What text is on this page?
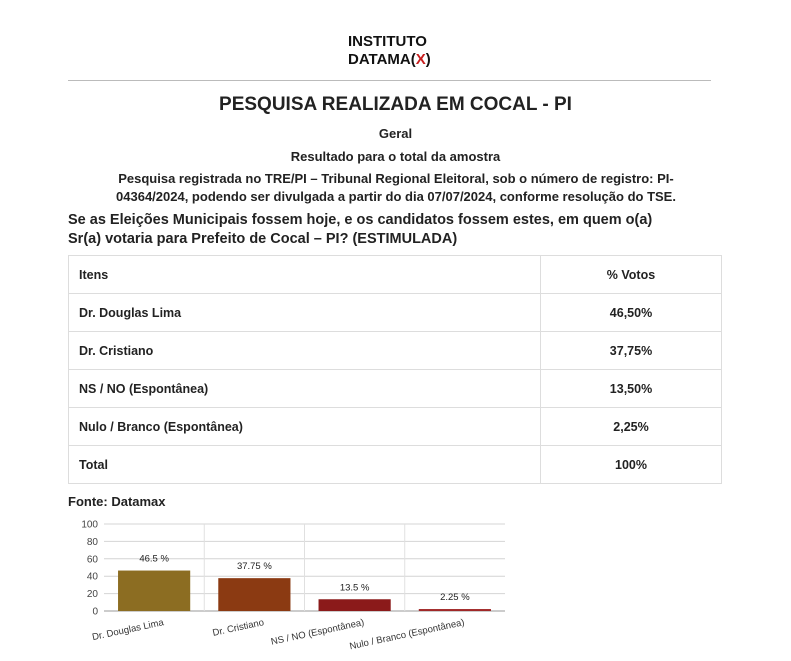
INSTITUTO
DATAMA(X)
PESQUISA REALIZADA EM COCAL - PI
Geral
Resultado para o total da amostra
Pesquisa registrada no TRE/PI – Tribunal Regional Eleitoral, sob o número de registro: PI-
04364/2024, podendo ser divulgada a partir do dia 07/07/2024, conforme resolução do TSE.
Se as Eleições Municipais fossem hoje, e os candidatos fossem estes, em quem o(a)
Sr(a) votaria para Prefeito de Cocal – PI? (ESTIMULADA)
Itens	% Votos
Dr. Douglas Lima	46,50%
Dr. Cristiano	37,75%
NS / NO (Espontânea)	13,50%
Nulo / Branco (Espontânea)	2,25%
Total	100%
Fonte: Datamax
0
20
40
60
80
100
46.5 %
Dr. Douglas Lima
37.75 %
Dr. Cristiano
13.5 %
NS / NO (Espontânea)
2.25 %
Nulo / Branco (Espontânea)
